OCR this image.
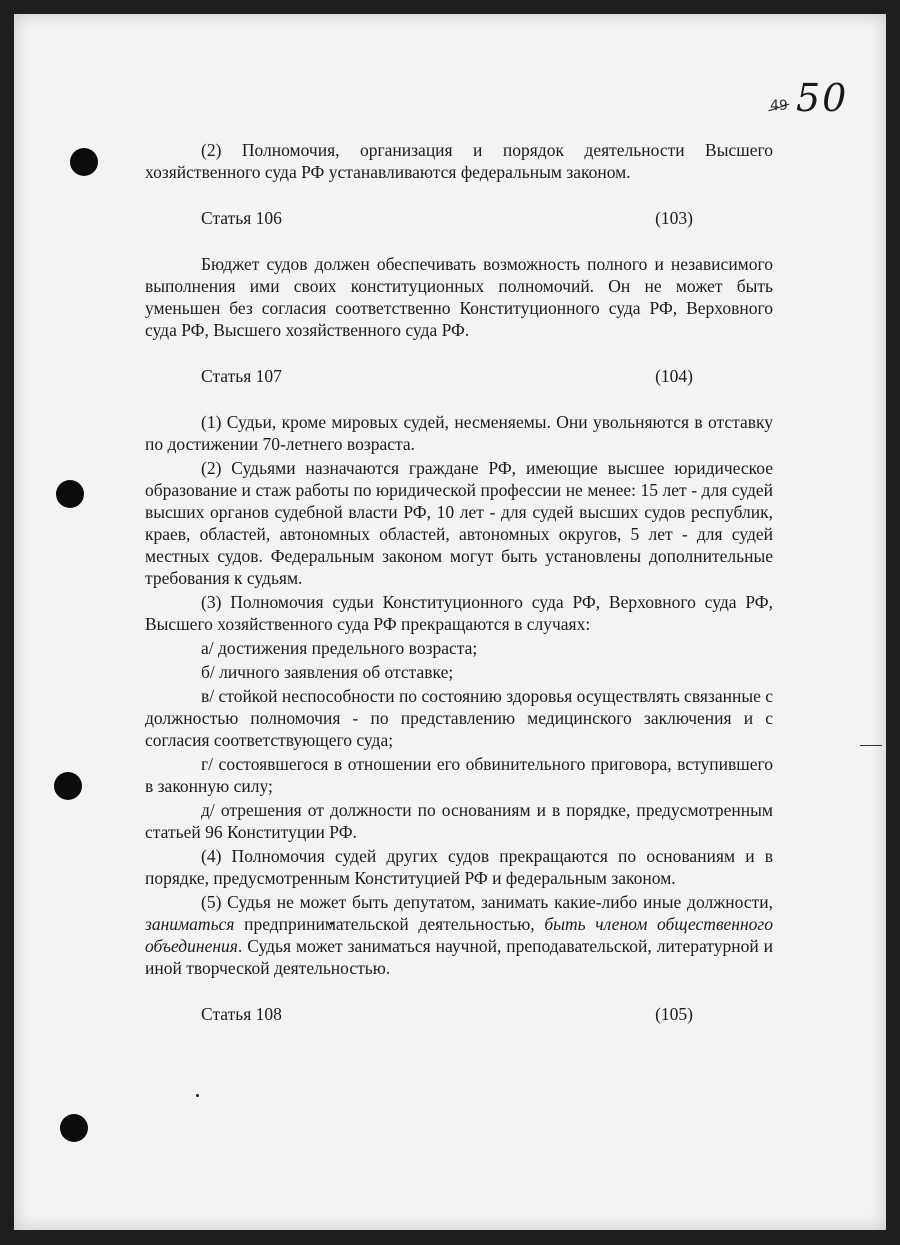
49 50

(2) Полномочия, организация и порядок деятельности Высшего хозяйственного суда РФ устанавливаются федеральным законом.

Статья 106	(103)

Бюджет судов должен обеспечивать возможность полного и независимого выполнения ими своих конституционных полномочий. Он не может быть уменьшен без согласия соответственно Конституционного суда РФ, Верховного суда РФ, Высшего хозяйственного суда РФ.

Статья 107	(104)

(1) Судьи, кроме мировых судей, несменяемы. Они увольняются в отставку по достижении 70-летнего возраста.

(2) Судьями назначаются граждане РФ, имеющие высшее юридическое образование и стаж работы по юридической профессии не менее: 15 лет - для судей высших органов судебной власти РФ, 10 лет - для судей высших судов республик, краев, областей, автономных областей, автономных округов, 5 лет - для судей местных судов. Федеральным законом могут быть установлены дополнительные требования к судьям.

(3) Полномочия судьи Конституционного суда РФ, Верховного суда РФ, Высшего хозяйственного суда РФ прекращаются в случаях:

а/ достижения предельного возраста;

б/ личного заявления об отставке;

в/ стойкой неспособности по состоянию здоровья осуществлять связанные с должностью полномочия - по представлению медицинского заключения и с согласия соответствующего суда;

г/ состоявшегося в отношении его обвинительного приговора, вступившего в законную силу;

д/ отрешения от должности по основаниям и в порядке, предусмотренным статьей 96 Конституции РФ.

(4) Полномочия судей других судов прекращаются по основаниям и в порядке, предусмотренным Конституцией РФ и федеральным законом.

(5) Судья не может быть депутатом, занимать какие-либо иные должности, заниматься предпринимательской деятельностью, быть членом общественного объединения. Судья может заниматься научной, преподавательской, литературной и иной творческой деятельностью.

Статья 108	(105)
